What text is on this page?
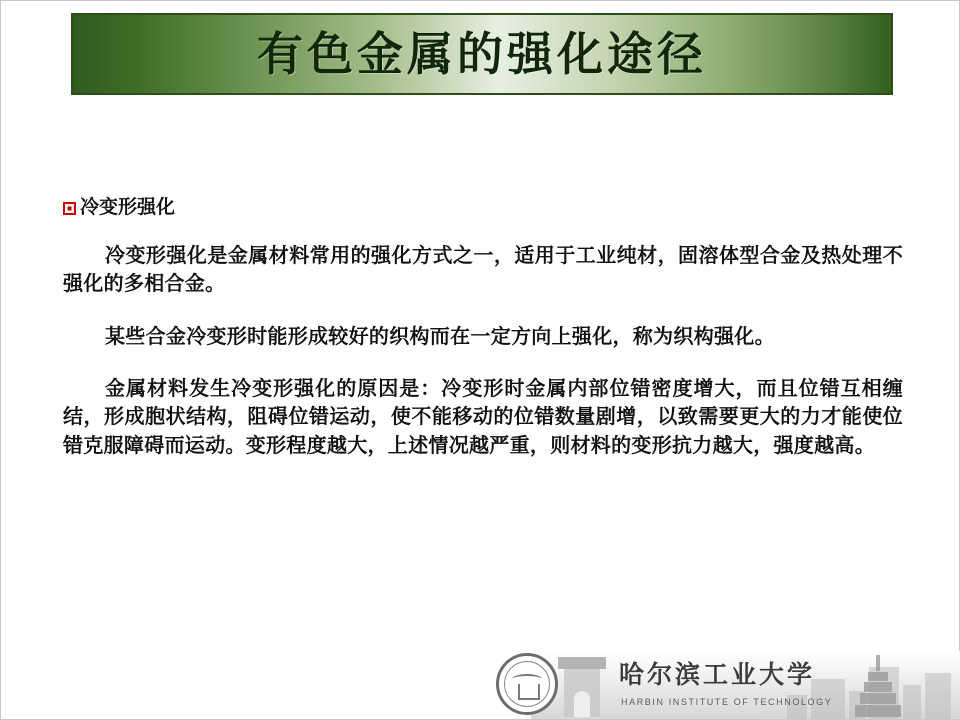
有色金属的强化途径
冷变形强化

冷变形强化是金属材料常用的强化方式之一，适用于工业纯材，固溶体型合金及热处理不强化的多相合金。

某些合金冷变形时能形成较好的织构而在一定方向上强化，称为织构强化。

金属材料发生冷变形强化的原因是：冷变形时金属内部位错密度增大，而且位错互相缠结，形成胞状结构，阻碍位错运动，使不能移动的位错数量剧增，以致需要更大的力才能使位错克服障碍而运动。变形程度越大，上述情况越严重，则材料的变形抗力越大，强度越高。

哈尔滨工业大学
HARBIN INSTITUTE OF TECHNOLOGY
